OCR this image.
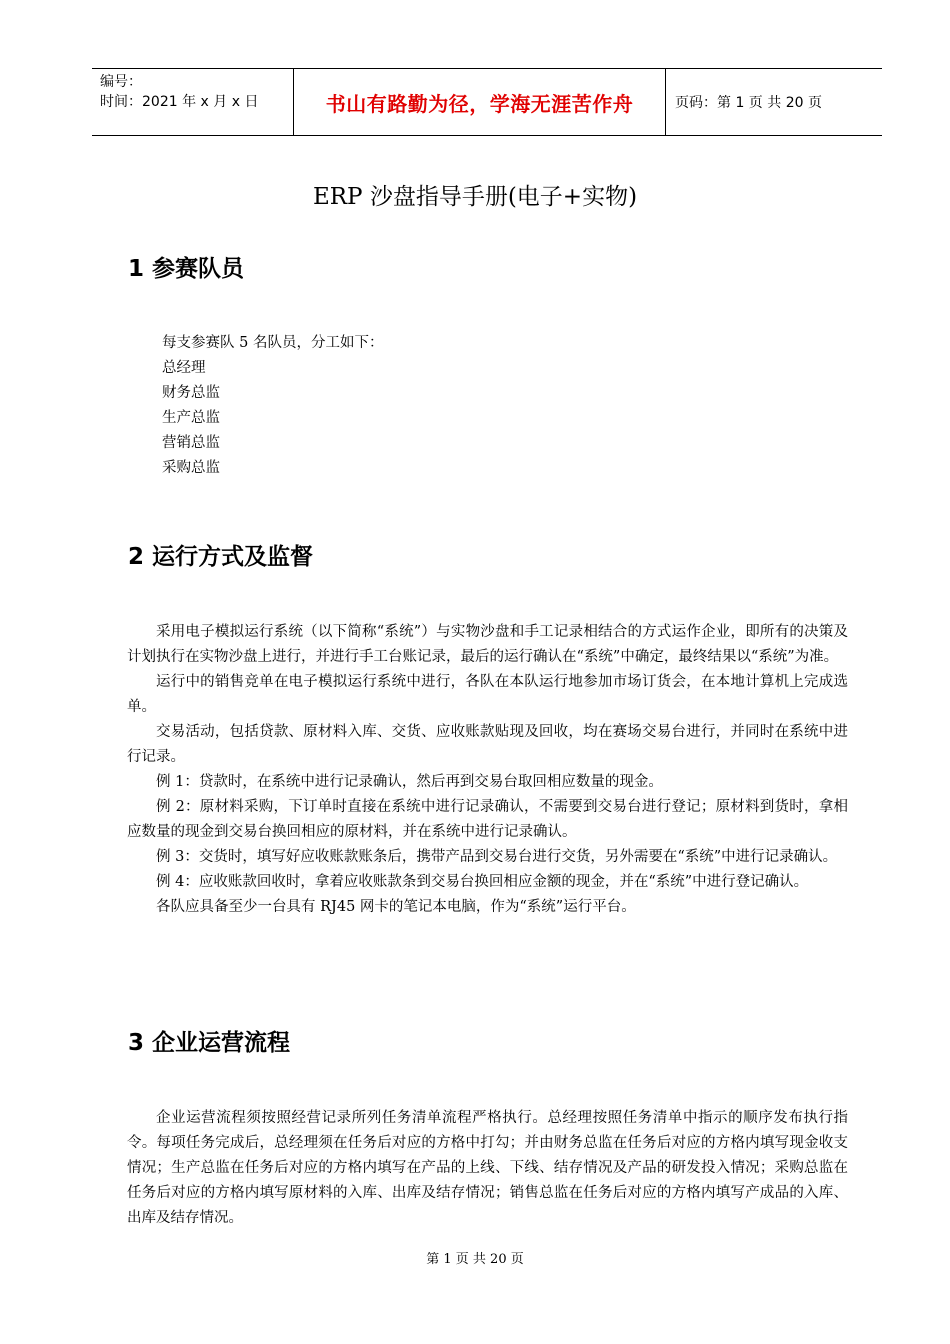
编号：
时间：2021 年 x 月 x 日	书山有路勤为径，学海无涯苦作舟	页码：第 1 页 共 20 页
ERP 沙盘指导手册(电子+实物)
1 参赛队员
每支参赛队 5 名队员，分工如下：
总经理
财务总监
生产总监
营销总监
采购总监
2 运行方式及监督

采用电子模拟运行系统（以下简称“系统”）与实物沙盘和手工记录相结合的方式运作企业，即所有的决策及计划执行在实物沙盘上进行，并进行手工台账记录，最后的运行确认在“系统”中确定，最终结果以“系统”为准。

运行中的销售竞单在电子模拟运行系统中进行，各队在本队运行地参加市场订货会，在本地计算机上完成选单。

交易活动，包括贷款、原材料入库、交货、应收账款贴现及回收，均在赛场交易台进行，并同时在系统中进行记录。

例 1：贷款时，在系统中进行记录确认，然后再到交易台取回相应数量的现金。

例 2：原材料采购，下订单时直接在系统中进行记录确认，不需要到交易台进行登记；原材料到货时，拿相应数量的现金到交易台换回相应的原材料，并在系统中进行记录确认。

例 3：交货时，填写好应收账款账条后，携带产品到交易台进行交货，另外需要在“系统”中进行记录确认。

例 4：应收账款回收时，拿着应收账款条到交易台换回相应金额的现金，并在“系统”中进行登记确认。

各队应具备至少一台具有 RJ45 网卡的笔记本电脑，作为“系统”运行平台。

3 企业运营流程

企业运营流程须按照经营记录所列任务清单流程严格执行。总经理按照任务清单中指示的顺序发布执行指令。每项任务完成后，总经理须在任务后对应的方格中打勾；并由财务总监在任务后对应的方格内填写现金收支情况；生产总监在任务后对应的方格内填写在产品的上线、下线、结存情况及产品的研发投入情况；采购总监在任务后对应的方格内填写原材料的入库、出库及结存情况；销售总监在任务后对应的方格内填写产成品的入库、出库及结存情况。

第 1 页 共 20 页
